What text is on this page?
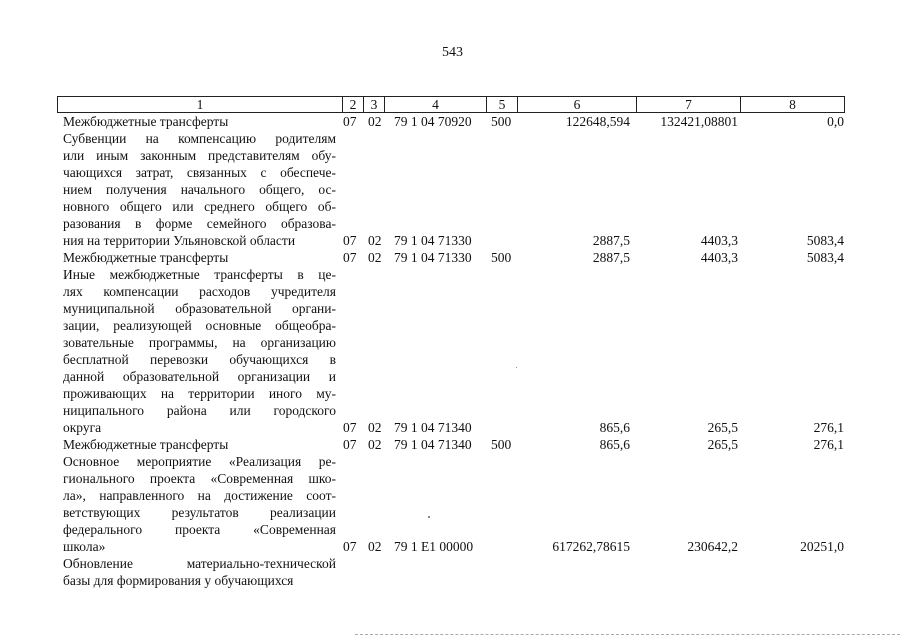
543
1	2	3	4	5	6	7	8
Межбюджетные трансферты	07 02 79 1 04 70920 500	122648,594	132421,08801	0,0
Субвенции на компенсацию родителям
или иным законным представителям обу-
чающихся затрат, связанных с обеспече-
нием получения начального общего, ос-
новного общего или среднего общего об-
разования в форме семейного образова-
ния на территории Ульяновской области	07 02 79 1 04 71330	2887,5	4403,3	5083,4
Межбюджетные трансферты	07 02 79 1 04 71330 500	2887,5	4403,3	5083,4
Иные межбюджетные трансферты в це-
лях компенсации расходов учредителя
муниципальной образовательной органи-
зации, реализующей основные общеобра-
зовательные программы, на организацию
бесплатной перевозки обучающихся в
данной образовательной организации и
проживающих на территории иного му-
ниципального района или городского
округа	07 02 79 1 04 71340	865,6	265,5	276,1
Межбюджетные трансферты	07 02 79 1 04 71340 500	865,6	265,5	276,1
Основное мероприятие «Реализация ре-
гионального проекта «Современная шко-
ла», направленного на достижение соот-
ветствующих результатов реализации
федерального проекта «Современная
школа»	07 02 79 1 E1 00000	617262,78615	230642,2	20251,0
Обновление материально-технической
базы для формирования у обучающихся
